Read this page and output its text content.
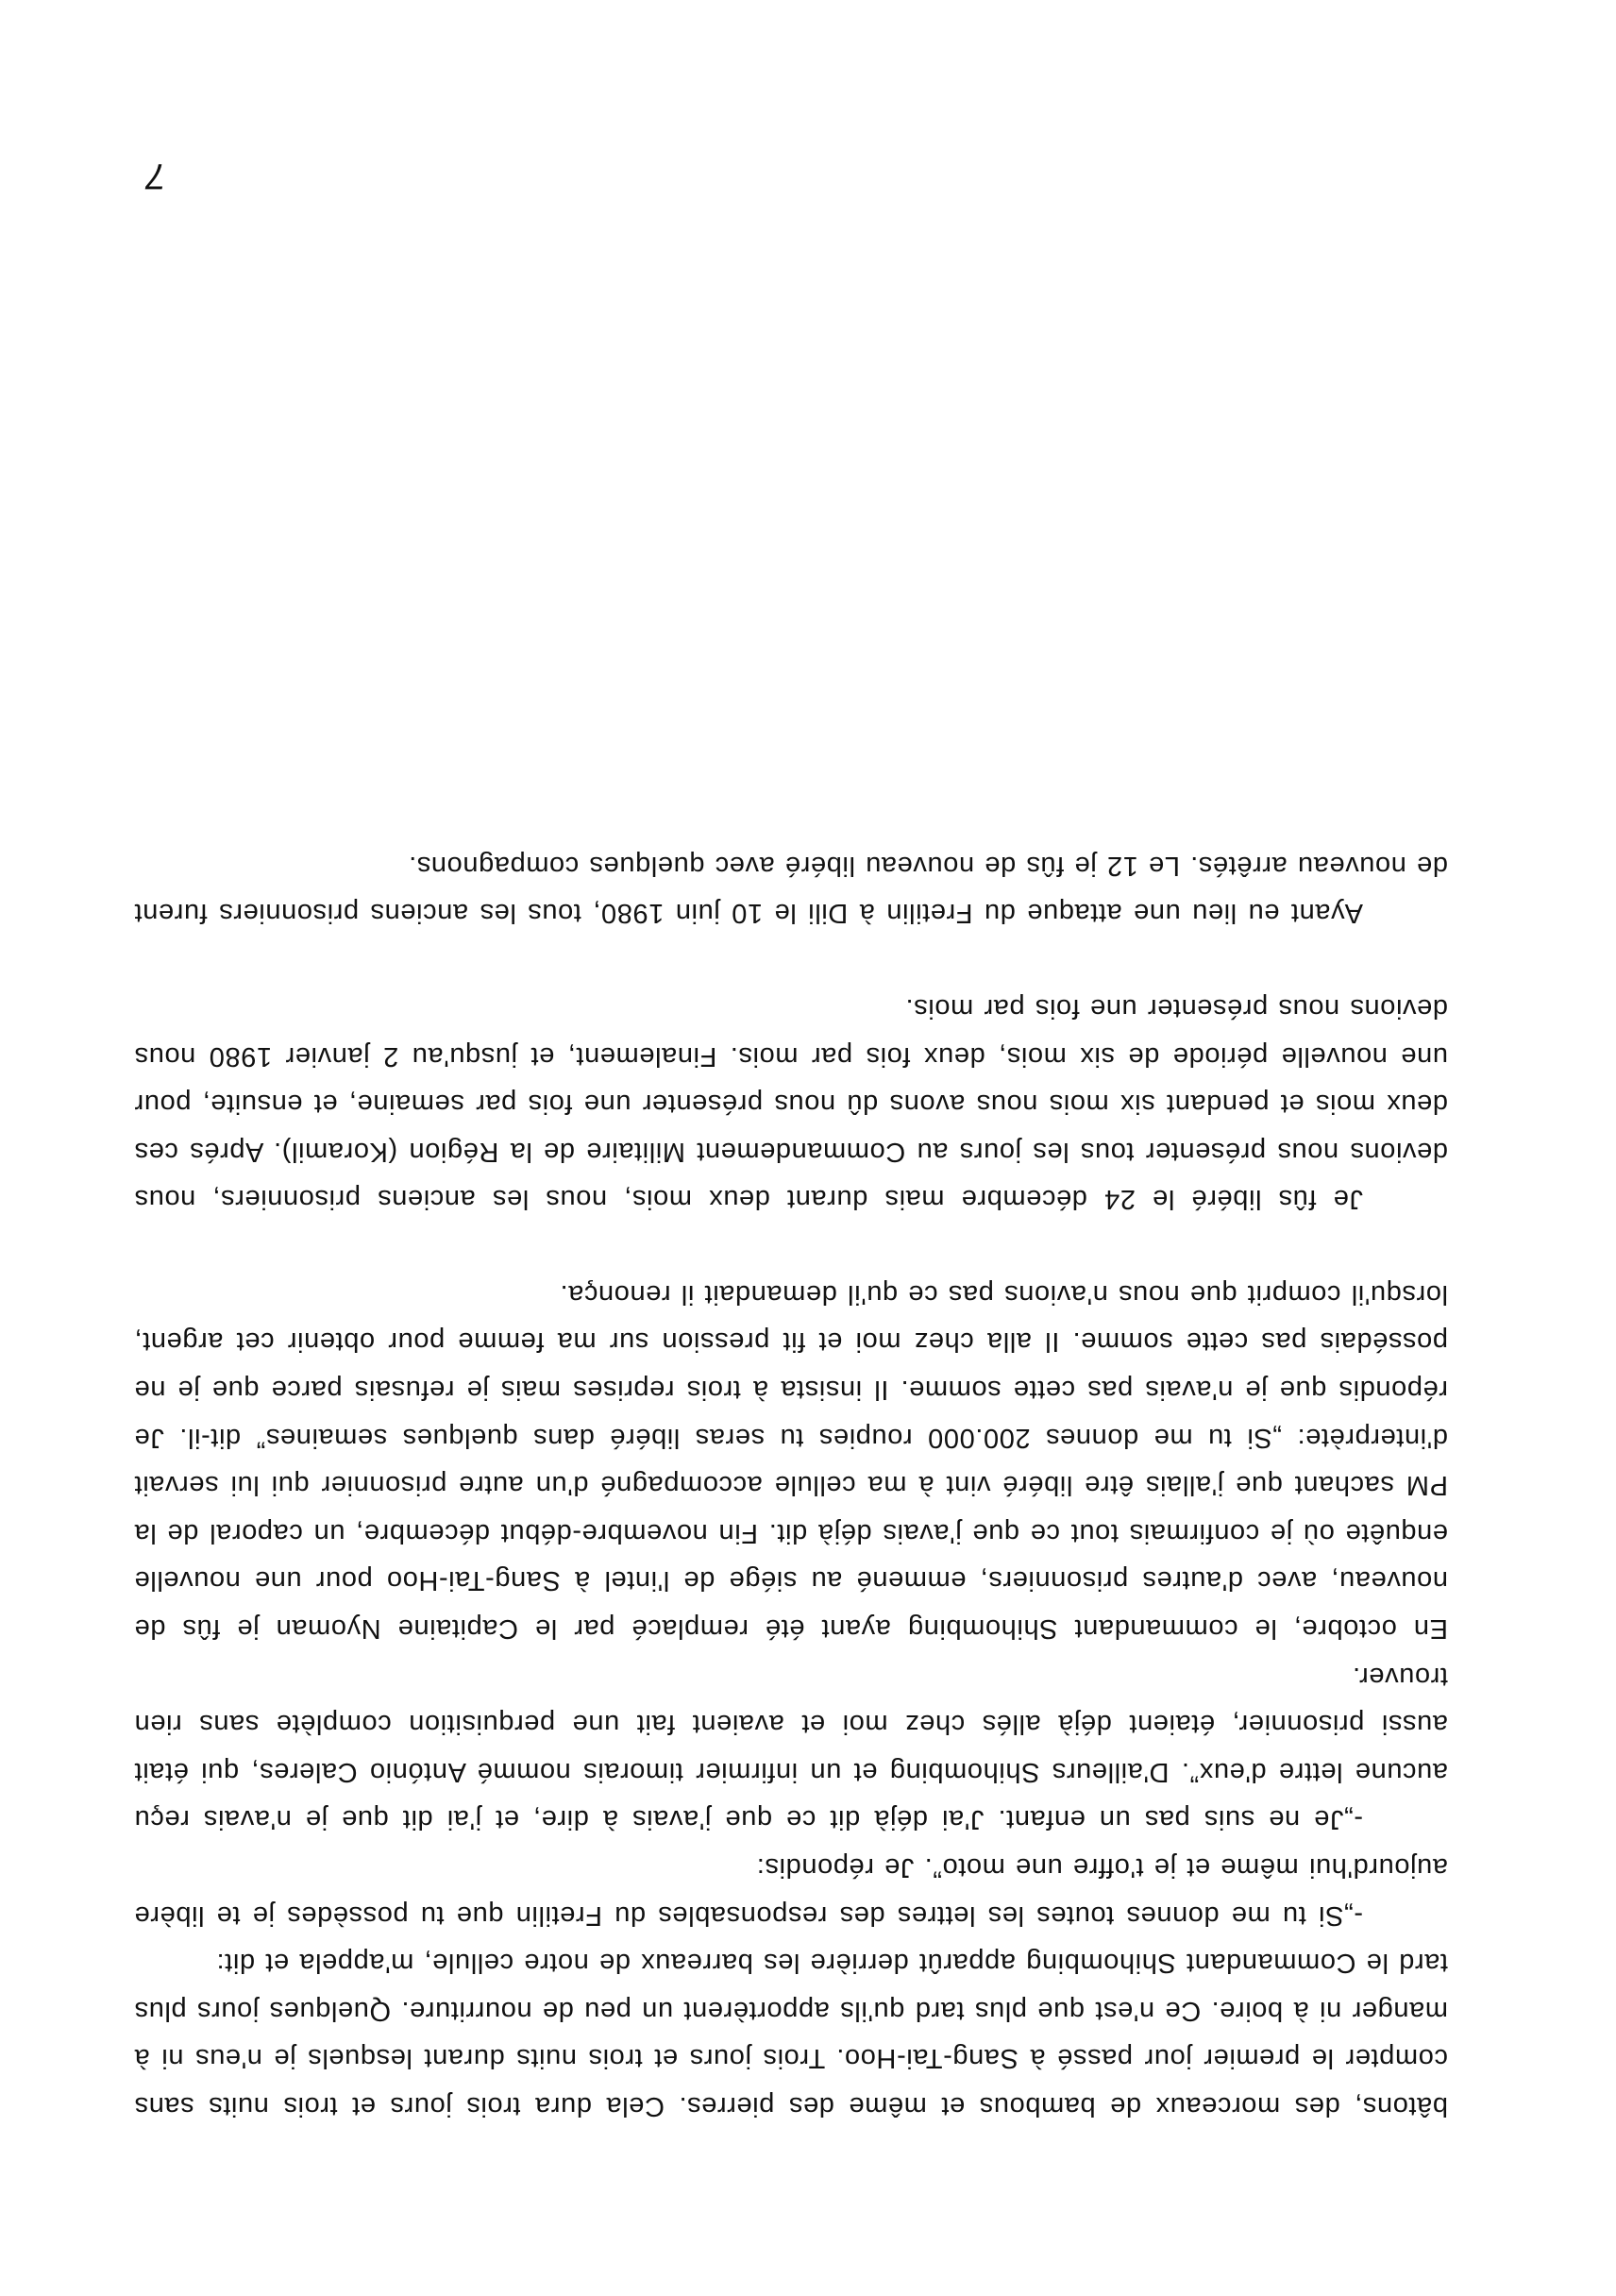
bâtons, des morceaux de bambous et même des pierres. Cela dura trois jours et trois nuits sans compter le premier jour passé à Sang-Tai-Hoo. Trois jours et trois nuits durant lesquels je n'eus ni à manger ni à boire. Ce n'est que plus tard qu'ils apportèrent un peu de nourriture. Quelques jours plus tard le Commandant Shihombing apparût derrière les barreaux de notre cellule, m'appela et dit:

-„Si tu me donnes toutes les lettres des responsables du Fretilin que tu possèdes je te libère aujourd'hui même et je t'offre une moto”. Je répondis:

-„Je ne suis pas un enfant. J'ai déjà dit ce que j'avais à dire, et j'ai dit que je n'avais reçu aucune lettre d'eux”. D'ailleurs Shihombing et un infirmier timorais nommé António Caleres, qui était aussi prisonnier, étaient déjà allés chez moi et avaient fait une perquisition complète sans rien trouver.

En octobre, le commandant Shihombing ayant été remplacé par le Capitaine Nyoman je fûs de nouveau, avec d'autres prisonniers, emmené au siége de l'intel à Sang-Tai-Hoo pour une nouvelle enquête où je confirmais tout ce que j'avais déjà dit. Fin novembre-début décembre, un caporal de la PM sachant que j'allais être libéré vint à ma cellule accompagné d'un autre prisonnier qui lui servait d'interprète: „Si tu me donnes 200.000 roupies tu seras libéré dans quelques semaines” dit-il. Je répondis que je n'avais pas cette somme. Il insista à trois reprises mais je refusais parce que je ne possédais pas cette somme. Il alla chez moi et fit pression sur ma femme pour obtenir cet argent, lorsqu'il comprit que nous n'avions pas ce qu'il demandait il renonça.

Je fûs libéré le 24 décembre mais durant deux mois, nous les anciens prisonniers, nous devions nous présenter tous les jours au Commandement Militaire de la Région (Koramil). Aprés ces deux mois et pendant six mois nous avons dû nous présenter une fois par semaine, et ensuite, pour une nouvelle période de six mois, deux fois par mois. Finalement, et jusqu'au 2 janvier 1980 nous devions nous présenter une fois par mois.

Ayant eu lieu une attaque du Fretilin à Dili le 10 juin 1980, tous les anciens prisonniers furent de nouveau arrêtés. Le 12 je fûs de nouveau libéré avec quelques compagnons.

7
